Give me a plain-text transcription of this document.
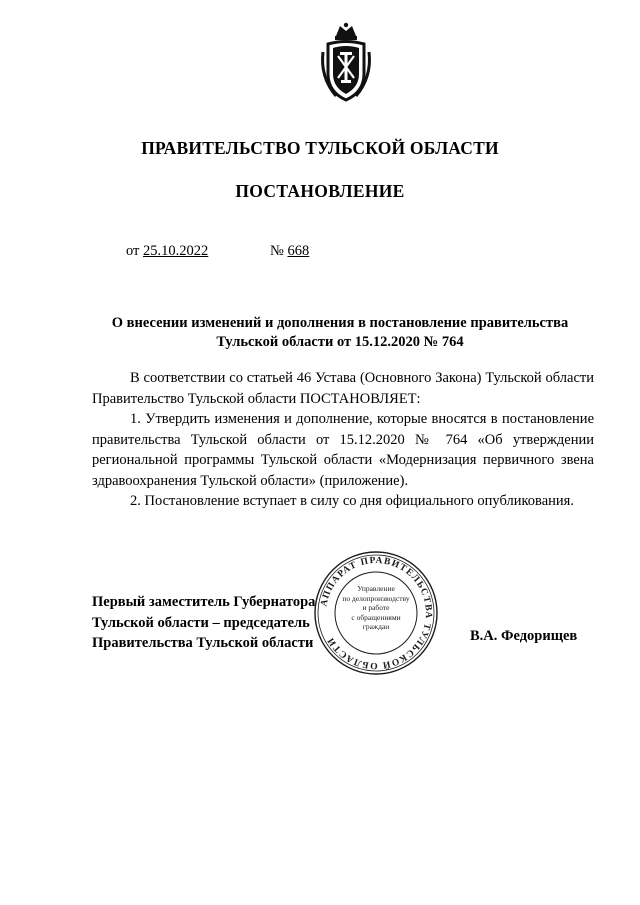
ПРАВИТЕЛЬСТВО ТУЛЬСКОЙ ОБЛАСТИ
ПОСТАНОВЛЕНИЕ
от 25.10.2022	№ 668
О внесении изменений и дополнения в постановление правительства
Тульской области от 15.12.2020 № 764

В соответствии со статьей 46 Устава (Основного Закона) Тульской области Правительство Тульской области ПОСТАНОВЛЯЕТ:

1. Утвердить изменения и дополнение, которые вносятся в постановление правительства Тульской области от 15.12.2020 № 764 «Об утверждении региональной программы Тульской области «Модернизация первичного звена здравоохранения Тульской области» (приложение).

2. Постановление вступает в силу со дня официального опубликования.

Первый заместитель Губернатора
Тульской области – председатель
Правительства Тульской области
АППАРАТ ПРАВИТЕЛЬСТВА ТУЛЬСКОЙ ОБЛАСТИ
Управление
по делопроизводству
и работе
с обращениями
граждан
В.А. Федорищев
